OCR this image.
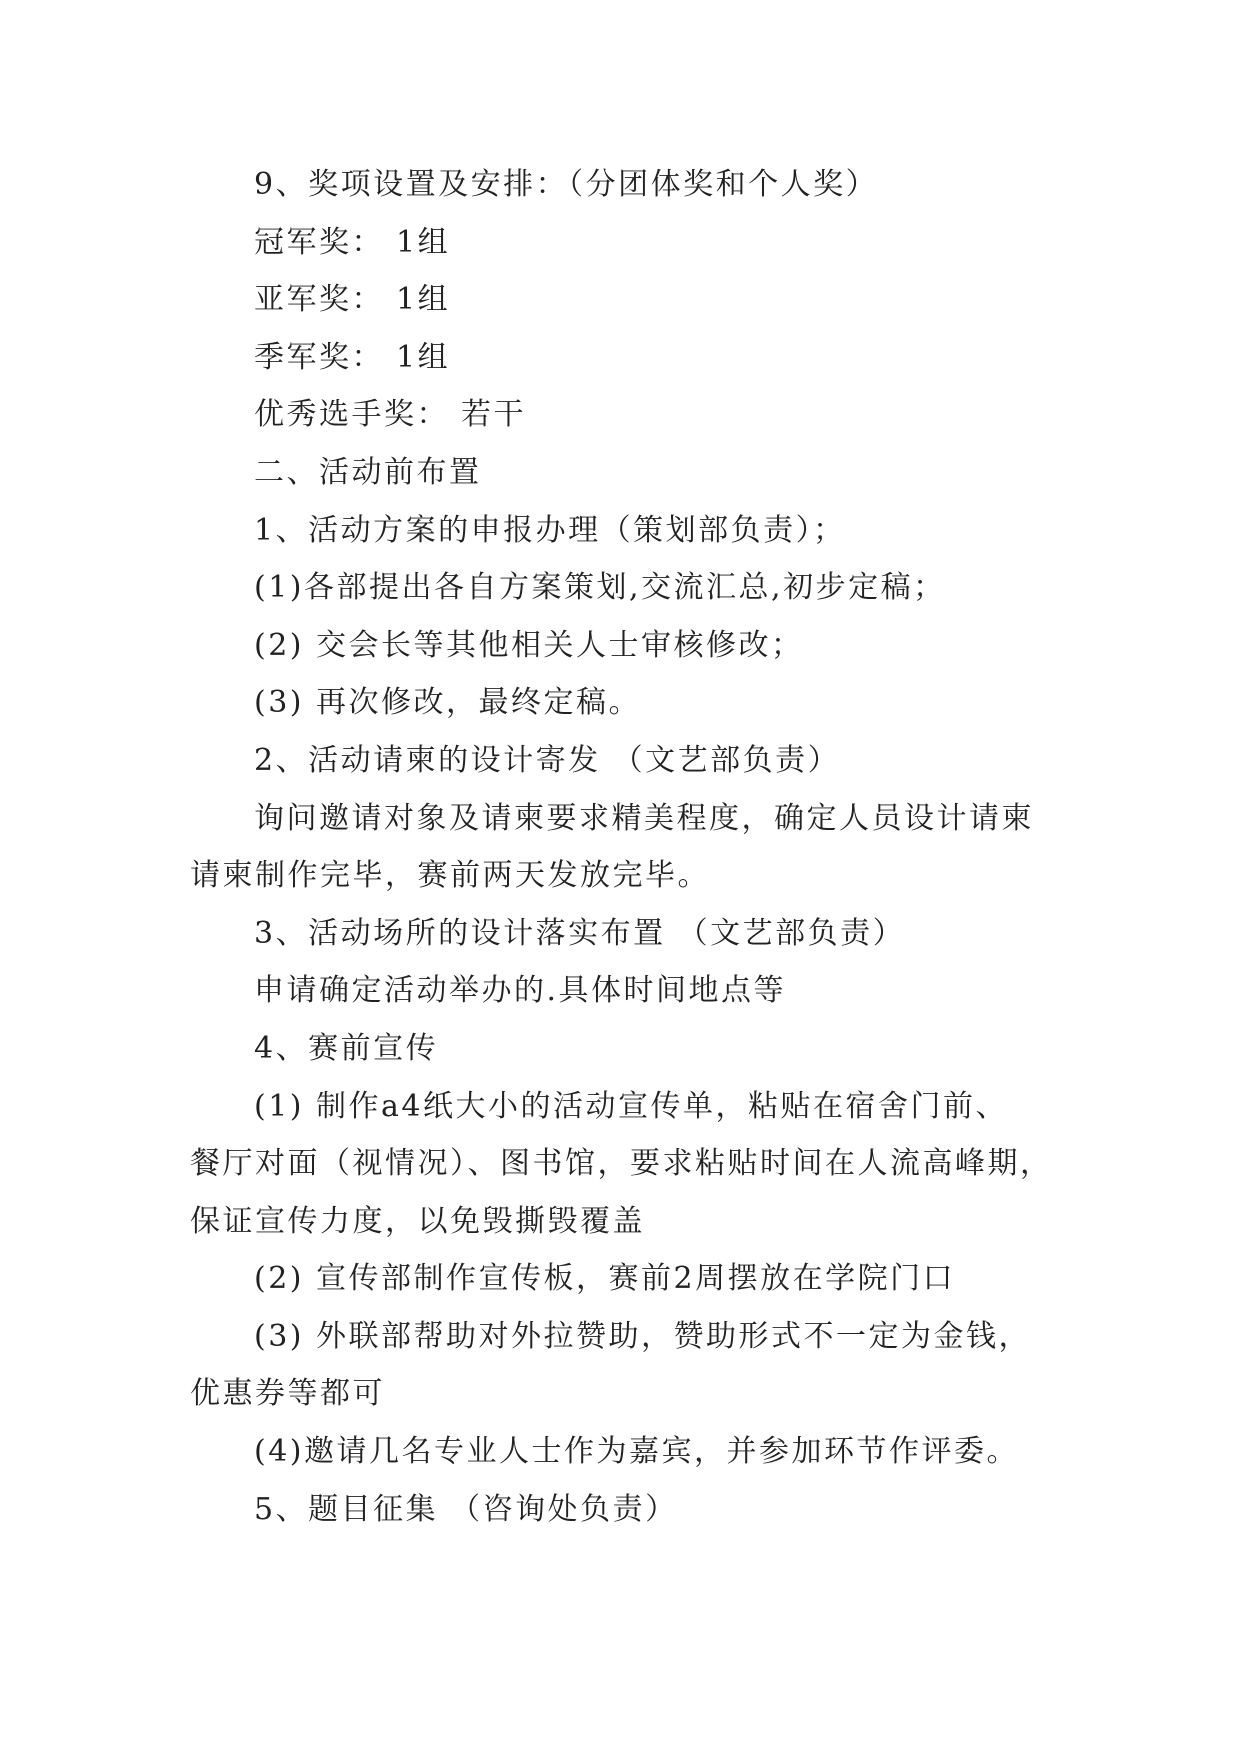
9、奖项设置及安排：（分团体奖和个人奖）
冠军奖： 1组
亚军奖： 1组
季军奖： 1组
优秀选手奖： 若干
二、活动前布置
1、活动方案的申报办理（策划部负责）；
(1)各部提出各自方案策划,交流汇总,初步定稿；
(2) 交会长等其他相关人士审核修改；
(3) 再次修改，最终定稿。
2、活动请柬的设计寄发 （文艺部负责）
询问邀请对象及请柬要求精美程度，确定人员设计请柬
请柬制作完毕，赛前两天发放完毕。
3、活动场所的设计落实布置 （文艺部负责）
申请确定活动举办的.具体时间地点等
4、赛前宣传
(1) 制作a4纸大小的活动宣传单，粘贴在宿舍门前、
餐厅对面（视情况）、图书馆，要求粘贴时间在人流高峰期，
保证宣传力度，以免毁撕毁覆盖
(2) 宣传部制作宣传板，赛前2周摆放在学院门口
(3) 外联部帮助对外拉赞助，赞助形式不一定为金钱，
优惠券等都可
(4)邀请几名专业人士作为嘉宾，并参加环节作评委。
5、题目征集 （咨询处负责）
